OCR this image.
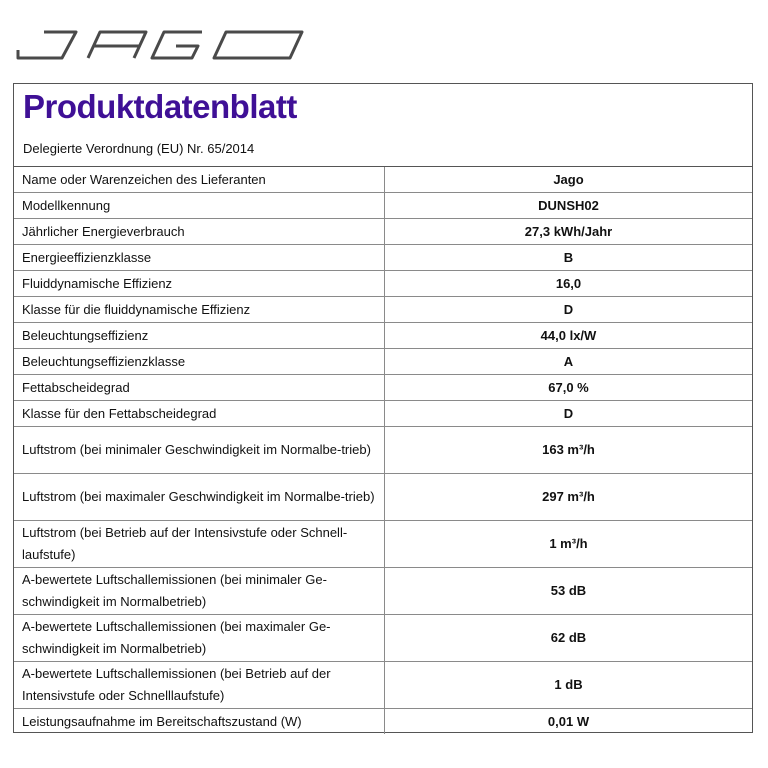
Produktdatenblatt
Delegierte Verordnung (EU) Nr. 65/2014
Name oder Warenzeichen des Lieferanten	Jago
Modellkennung	DUNSH02
Jährlicher Energieverbrauch	27,3 kWh/Jahr
Energieeffizienzklasse	B
Fluiddynamische Effizienz	16,0
Klasse für die fluiddynamische Effizienz	D
Beleuchtungseffizienz	44,0 lx/W
Beleuchtungseffizienzklasse	A
Fettabscheidegrad	67,0 %
Klasse für den Fettabscheidegrad	D
Luftstrom (bei minimaler Geschwindigkeit im Normalbe-trieb)	163 m³/h
Luftstrom (bei maximaler Geschwindigkeit im Normalbe-trieb)	297 m³/h
Luftstrom (bei Betrieb auf der Intensivstufe oder Schnell-laufstufe)	1 m³/h
A-bewertete Luftschallemissionen (bei minimaler Ge-schwindigkeit im Normalbetrieb)	53 dB
A-bewertete Luftschallemissionen (bei maximaler Ge-schwindigkeit im Normalbetrieb)	62 dB
A-bewertete Luftschallemissionen (bei Betrieb auf der Intensivstufe oder Schnelllaufstufe)	1 dB
Leistungsaufnahme im Bereitschaftszustand (W)	0,01 W
